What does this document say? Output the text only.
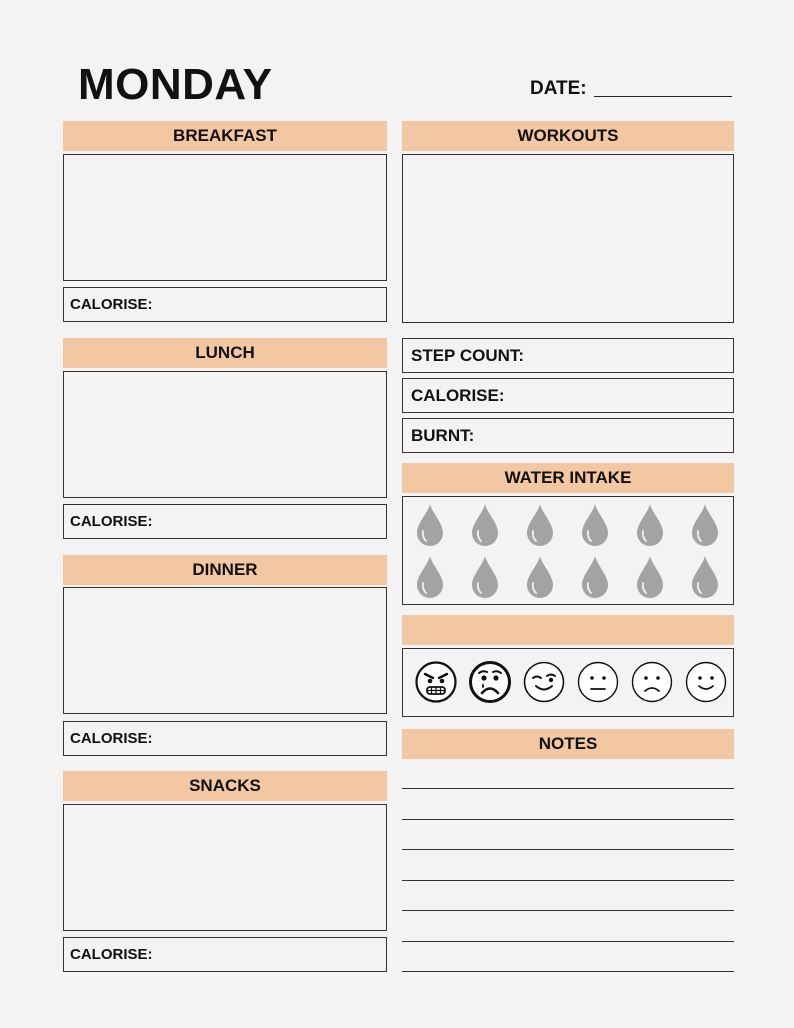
MONDAY	DATE:
BREAKFAST
CALORISE:
LUNCH
CALORISE:
DINNER
CALORISE:
SNACKS
CALORISE:
WORKOUTS
STEP COUNT:
CALORISE:
BURNT:
WATER INTAKE
NOTES
